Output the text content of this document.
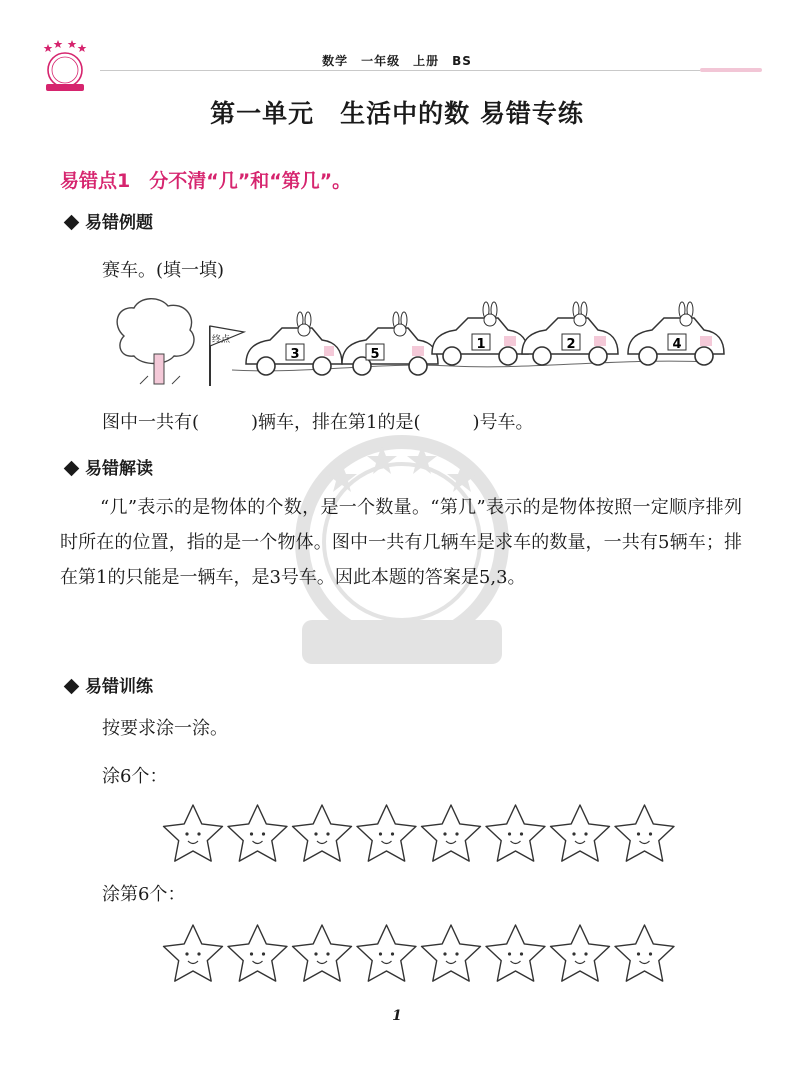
数学　一年级　上册　BS
第一单元　生活中的数 易错专练
易错点1　分不清“几”和“第几”。
易错例题
赛车。(填一填)
终点
3	5
1	2	4
图中一共有(	)辆车，排在第1的是(	)号车。
易错解读
“几”表示的是物体的个数，是一个数量。“第几”表示的是物体按照一定顺序排列时所在的位置，指的是一个物体。图中一共有几辆车是求车的数量，一共有5辆车；排在第1的只能是一辆车，是3号车。因此本题的答案是5,3。
易错训练
按要求涂一涂。
涂6个：
涂第6个：
1
